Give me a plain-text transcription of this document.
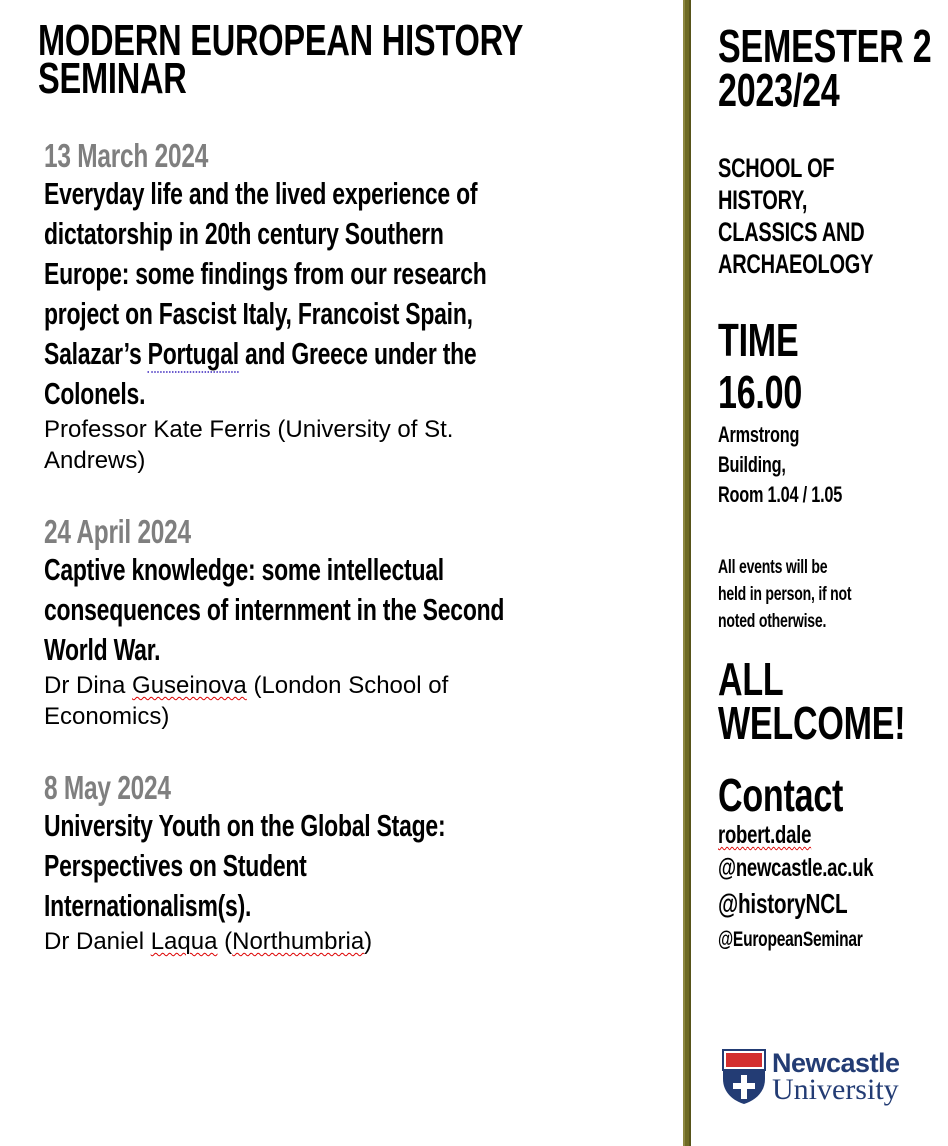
MODERN EUROPEAN HISTORY SEMINAR
13 March 2024
Everyday life and the lived experience of
dictatorship in 20th century Southern
Europe: some findings from our research
project on Fascist Italy, Francoist Spain,
Salazar’s Portugal and Greece under the
Colonels.
Professor Kate Ferris (University of St.
Andrews)
24 April 2024
Captive knowledge: some intellectual
consequences of internment in the Second
World War.
Dr Dina Guseinova (London School of
Economics)
8 May 2024
University Youth on the Global Stage:
Perspectives on Student
Internationalism(s).
Dr Daniel Laqua (Northumbria)
SEMESTER 2
2023/24
SCHOOL OF
HISTORY,
CLASSICS AND
ARCHAEOLOGY
TIME
16.00
Armstrong
Building,
Room 1.04 / 1.05
All events will be
held in person, if not
noted otherwise.
ALL
WELCOME!
Contact
robert.dale
@newcastle.ac.uk
@historyNCL
@EuropeanSeminar
Newcastle
University
